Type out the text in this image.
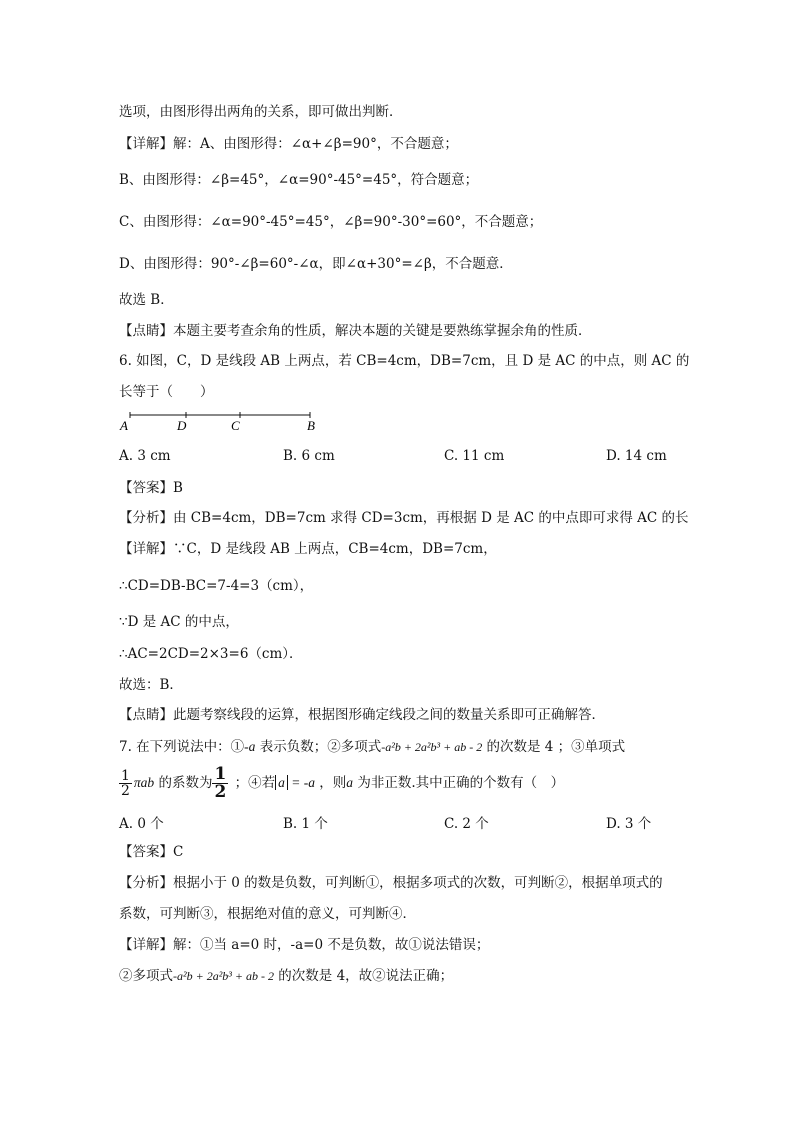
选项，由图形得出两角的关系，即可做出判断．
【详解】解：A、由图形得：∠α+∠β=90°，不合题意；
B、由图形得：∠β=45°，∠α=90°-45°=45°，符合题意；
C、由图形得：∠α=90°-45°=45°，∠β=90°-30°=60°，不合题意；
D、由图形得：90°-∠β=60°-∠α，即∠α+30°=∠β，不合题意．
故选 B．
【点睛】本题主要考查余角的性质，解决本题的关键是要熟练掌握余角的性质．
6. 如图，C，D 是线段 AB 上两点，若 CB=4cm，DB=7cm，且 D 是 AC 的中点，则 AC 的
长等于（　　）
A	D	C	B
A. 3 cm	B. 6 cm	C. 11 cm	D. 14 cm
【答案】B
【分析】由 CB=4cm，DB=7cm 求得 CD=3cm，再根据 D 是 AC 的中点即可求得 AC 的长
【详解】∵C，D 是线段 AB 上两点，CB=4cm，DB=7cm，
∴CD=DB-BC=7-4=3（cm），
∵D 是 AC 的中点，
∴AC=2CD=2×3=6（cm）．
故选：B．
【点睛】此题考察线段的运算，根据图形确定线段之间的数量关系即可正确解答．
7. 在下列说法中：①-a 表示负数；②多项式-a²b + 2a²b³ + ab - 2 的次数是 4 ；③单项式
$\frac{1}{2}$ πab 的系数为 $\frac{1}{2}$ ；④若 a = -a ，则a 为非正数.其中正确的个数有（　）
A. 0 个	B. 1 个	C. 2 个	D. 3 个
【答案】C
【分析】根据小于 0 的数是负数，可判断①，根据多项式的次数，可判断②，根据单项式的
系数，可判断③，根据绝对值的意义，可判断④．
【详解】解：①当 a=0 时，-a=0 不是负数，故①说法错误；
②多项式-a²b + 2a²b³ + ab - 2 的次数是 4，故②说法正确；
